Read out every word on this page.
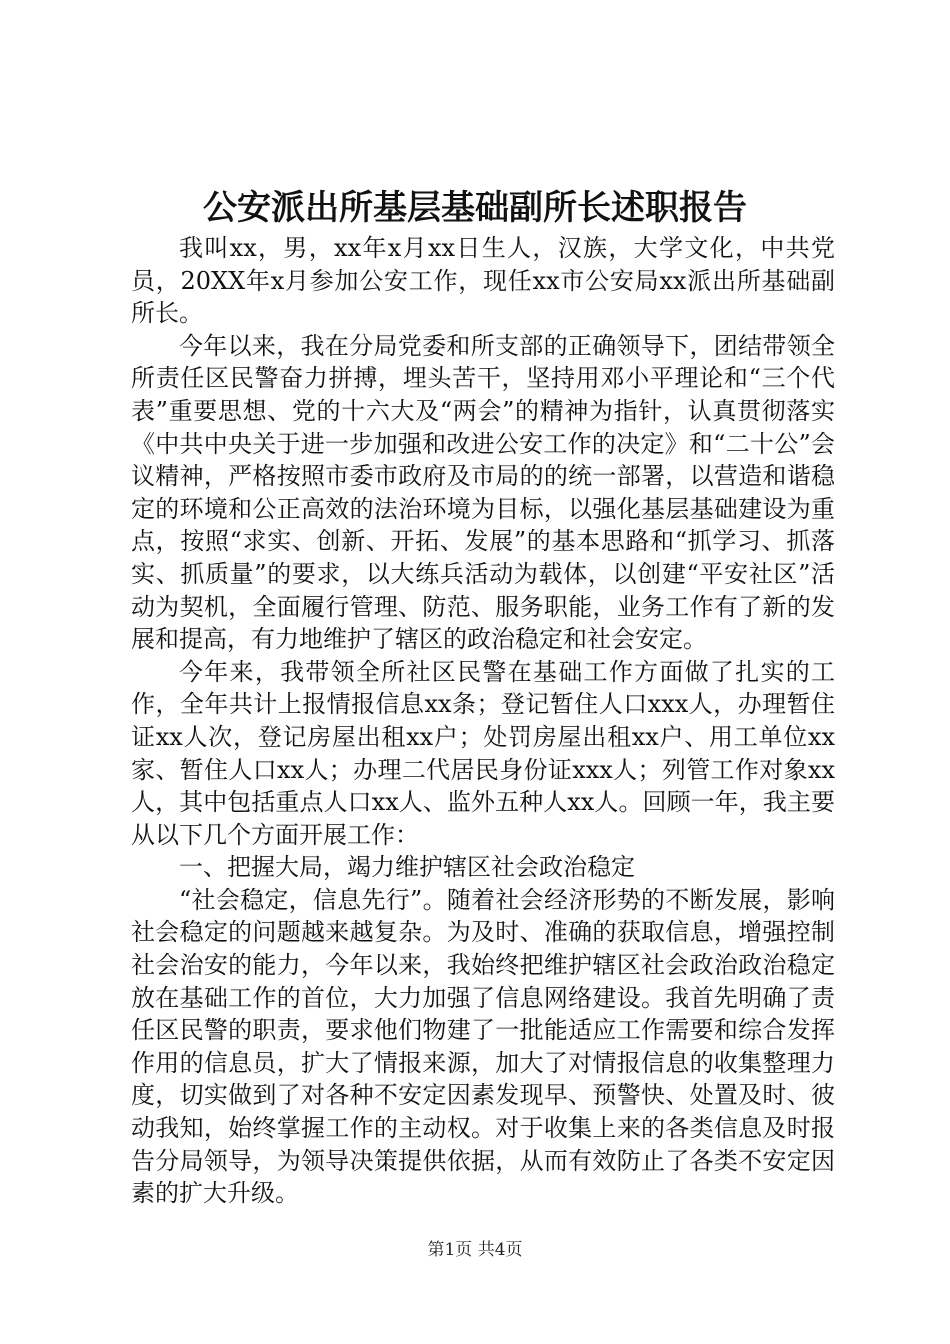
公安派出所基层基础副所长述职报告

我叫xx，男，xx年x月xx日生人，汉族，大学文化，中共党员，20XX年x月参加公安工作，现任xx市公安局xx派出所基础副所长。

今年以来，我在分局党委和所支部的正确领导下，团结带领全所责任区民警奋力拼搏，埋头苦干，坚持用邓小平理论和“三个代表”重要思想、党的十六大及“两会”的精神为指针，认真贯彻落实《中共中央关于进一步加强和改进公安工作的决定》和“二十公”会议精神，严格按照市委市政府及市局的的统一部署，以营造和谐稳定的环境和公正高效的法治环境为目标，以强化基层基础建设为重点，按照“求实、创新、开拓、发展”的基本思路和“抓学习、抓落实、抓质量”的要求，以大练兵活动为载体，以创建“平安社区”活动为契机，全面履行管理、防范、服务职能，业务工作有了新的发展和提高，有力地维护了辖区的政治稳定和社会安定。

今年来，我带领全所社区民警在基础工作方面做了扎实的工作，全年共计上报情报信息xx条；登记暂住人口xxx人，办理暂住证xx人次，登记房屋出租xx户；处罚房屋出租xx户、用工单位xx家、暂住人口xx人；办理二代居民身份证xxx人；列管工作对象xx人，其中包括重点人口xx人、监外五种人xx人。回顾一年，我主要从以下几个方面开展工作：

一、把握大局，竭力维护辖区社会政治稳定

“社会稳定，信息先行”。随着社会经济形势的不断发展，影响社会稳定的问题越来越复杂。为及时、准确的获取信息，增强控制社会治安的能力，今年以来，我始终把维护辖区社会政治政治稳定放在基础工作的首位，大力加强了信息网络建设。我首先明确了责任区民警的职责，要求他们物建了一批能适应工作需要和综合发挥作用的信息员，扩大了情报来源，加大了对情报信息的收集整理力度，切实做到了对各种不安定因素发现早、预警快、处置及时、彼动我知，始终掌握工作的主动权。对于收集上来的各类信息及时报告分局领导，为领导决策提供依据，从而有效防止了各类不安定因素的扩大升级。

第1页 共4页
